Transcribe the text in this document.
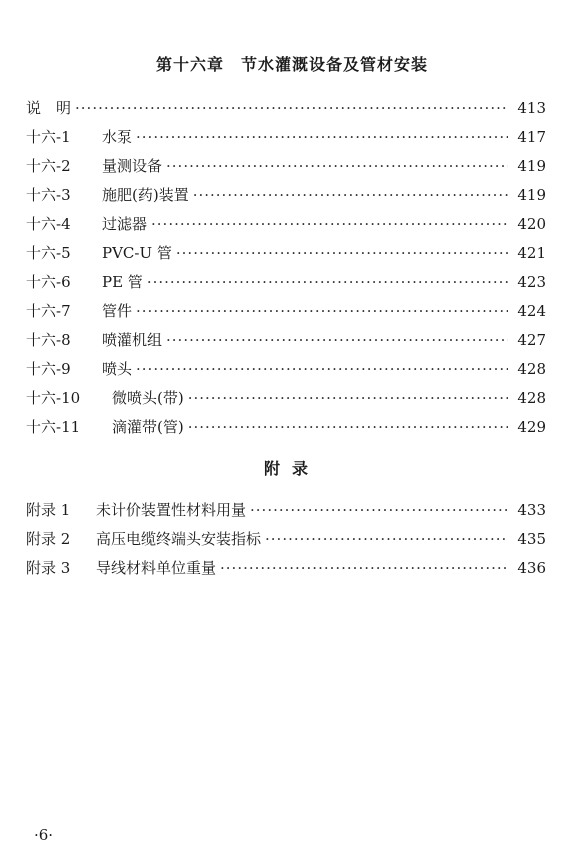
第十六章　节水灌溉设备及管材安装
说　明 ·····	413
十六-1	水泵 ·····	417
十六-2	量测设备 ·····	419
十六-3	施肥(药)装置 ·····	419
十六-4	过滤器 ·····	420
十六-5	PVC-U 管 ·····	421
十六-6	PE 管 ·····	423
十六-7	管件 ·····	424
十六-8	喷灌机组 ·····	427
十六-9	喷头 ·····	428
十六-10	微喷头(带) ·····	428
十六-11	滴灌带(管) ·····	429
附录
附录 1	未计价装置性材料用量 ·····	433
附录 2	高压电缆终端头安装指标 ·····	435
附录 3	导线材料单位重量 ·····	436
·6·
